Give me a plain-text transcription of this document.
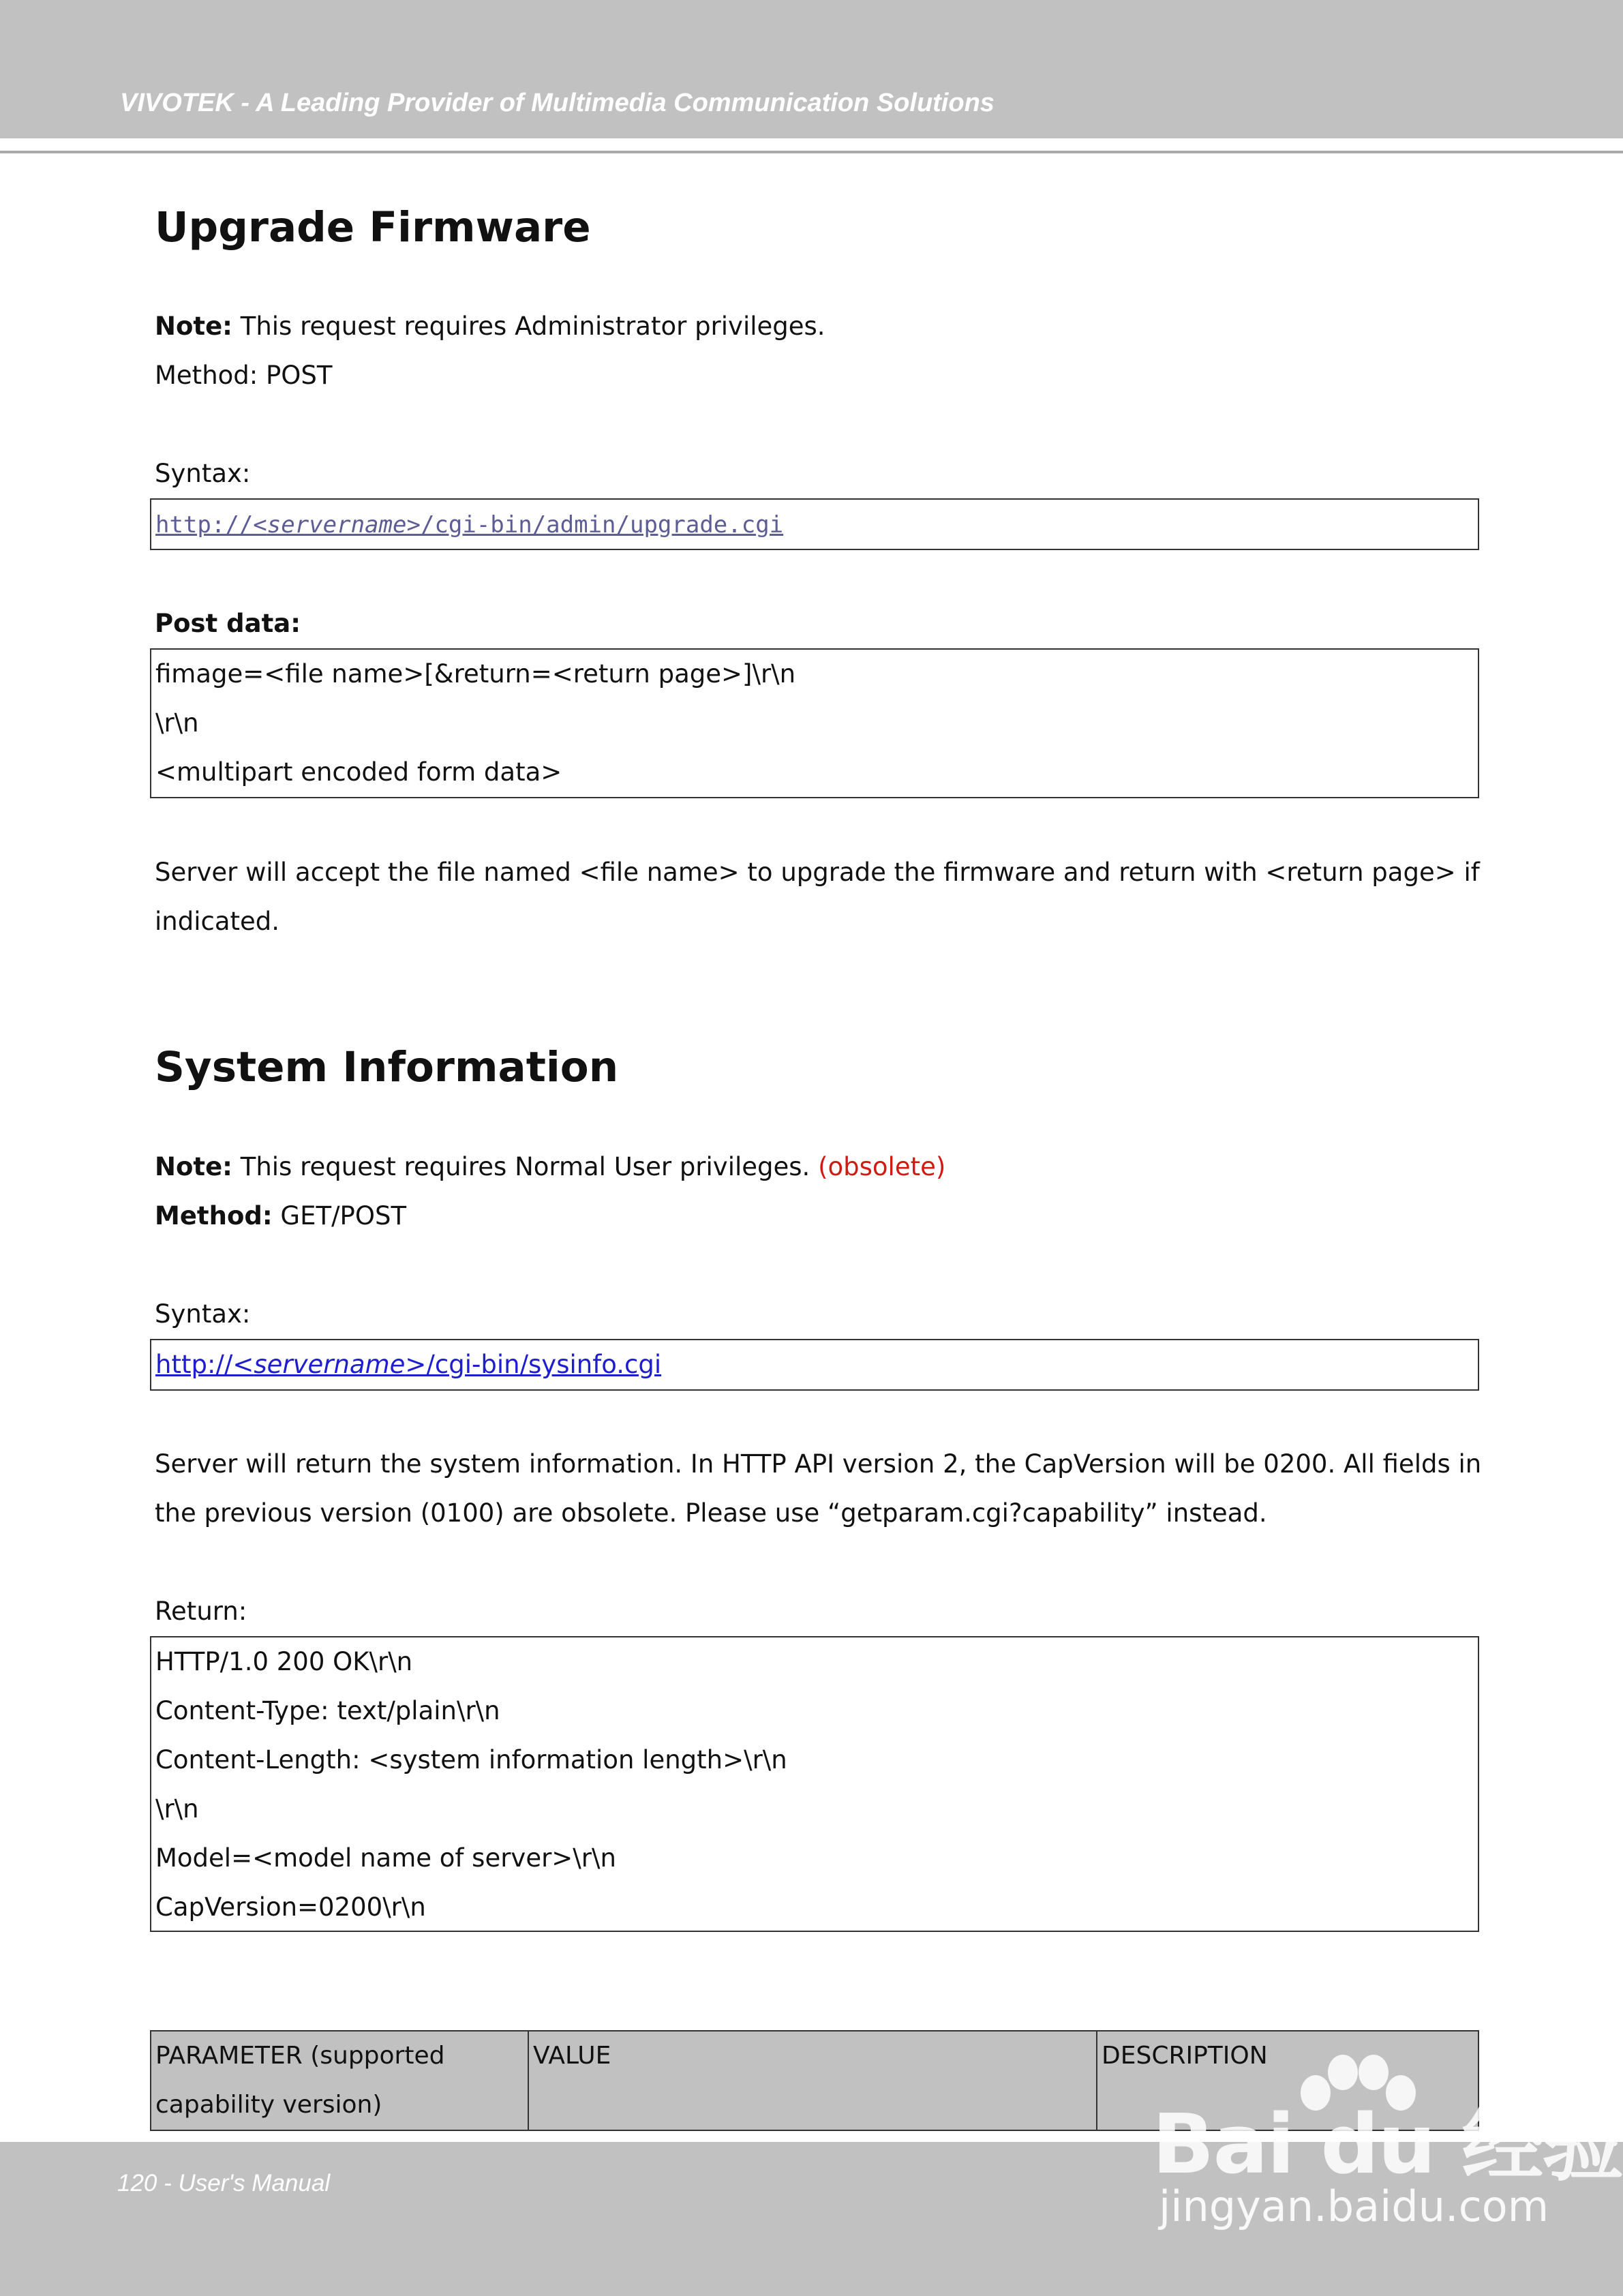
VIVOTEK - A Leading Provider of Multimedia Communication Solutions
Upgrade Firmware
Note: This request requires Administrator privileges.
Method: POST
Syntax:
http://<servername>/cgi-bin/admin/upgrade.cgi
Post data:
fimage=<file name>[&return=<return page>]\r\n
\r\n
<multipart encoded form data>
Server will accept the file named <file name> to upgrade the firmware and return with <return page> if indicated.
System Information
Note: This request requires Normal User privileges. (obsolete)
Method: GET/POST
Syntax:
http://<servername>/cgi-bin/sysinfo.cgi
Server will return the system information. In HTTP API version 2, the CapVersion will be 0200. All fields in the previous version (0100) are obsolete. Please use “getparam.cgi?capability” instead.
Return:
HTTP/1.0 200 OK\r\n
Content-Type: text/plain\r\n
Content-Length: <system information length>\r\n
\r\n
Model=<model name of server>\r\n
CapVersion=0200\r\n
PARAMETER (supported capability version)	VALUE	DESCRIPTION
120 - User's Manual	Bai du 经验
jingyan.baidu.com
